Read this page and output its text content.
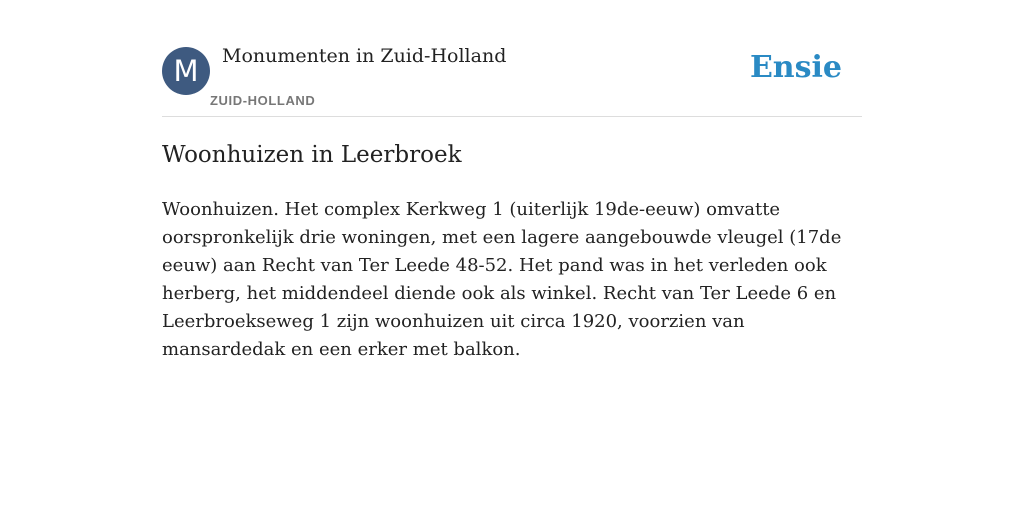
M	Monumenten in Zuid-Holland
ZUID-HOLLAND
Ensie
Woonhuizen in Leerbroek

Woonhuizen. Het complex Kerkweg 1 (uiterlijk 19de-eeuw) omvatte oorspronkelijk drie woningen, met een lagere aangebouwde vleugel (17de eeuw) aan Recht van Ter Leede 48-52. Het pand was in het verleden ook herberg, het middendeel diende ook als winkel. Recht van Ter Leede 6 en Leerbroekseweg 1 zijn woonhuizen uit circa 1920, voorzien van mansardedak en een erker met balkon.
